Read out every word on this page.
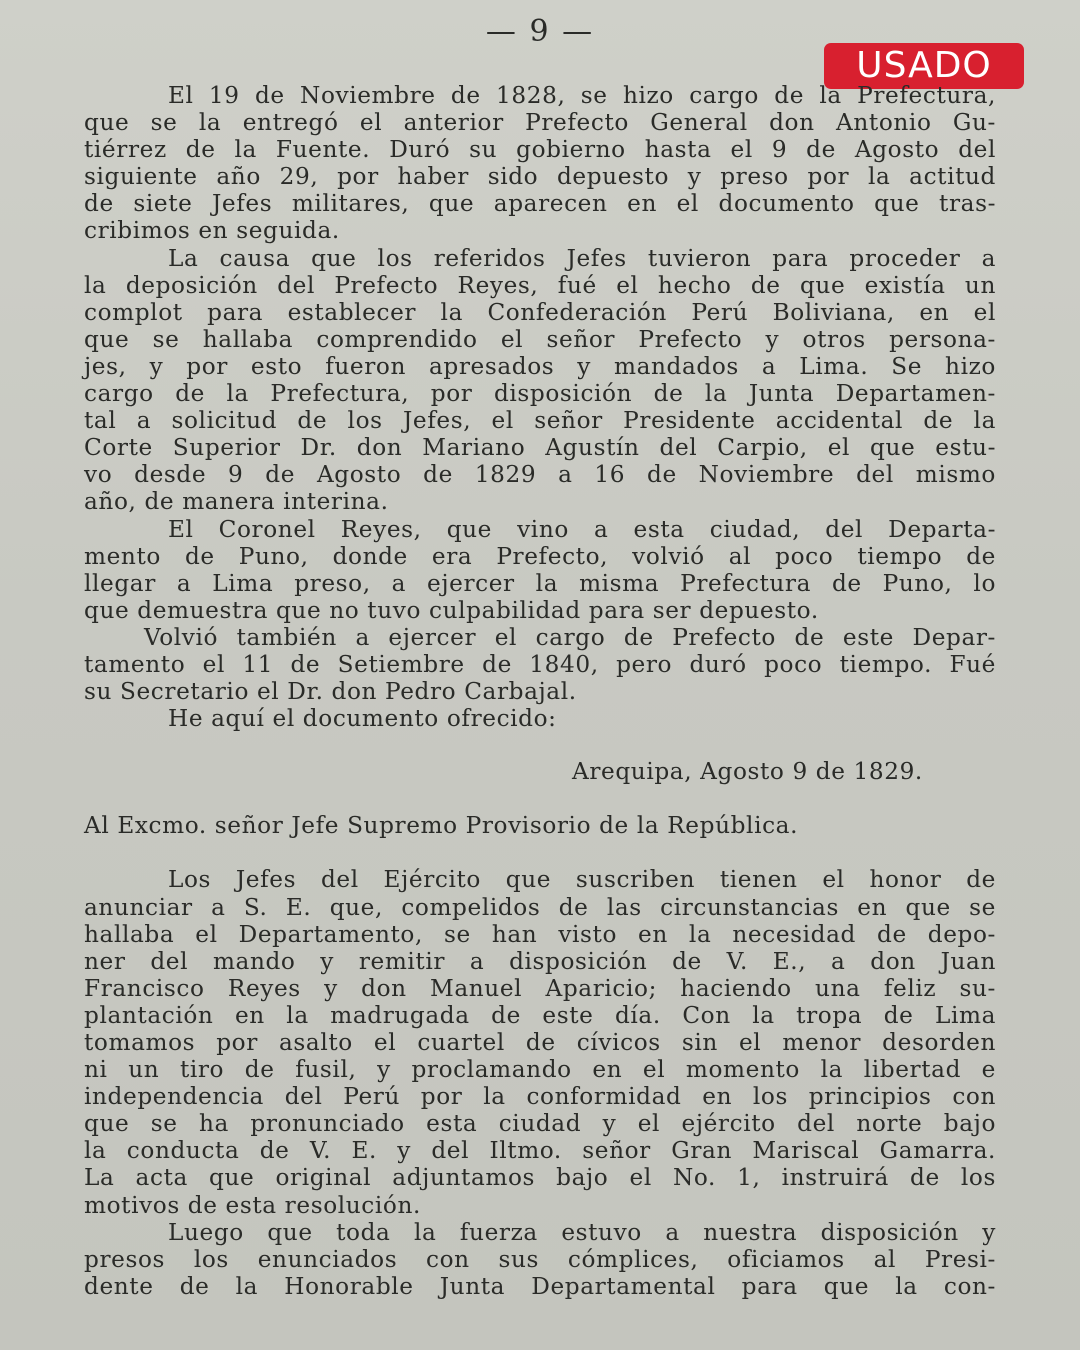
— 9 —
USADO
El 19 de Noviembre de 1828, se hizo cargo de la Prefectura,
que se la entregó el anterior Prefecto General don Antonio Gu-
tiérrez de la Fuente. Duró su gobierno hasta el 9 de Agosto del
siguiente año 29, por haber sido depuesto y preso por la actitud
de siete Jefes militares, que aparecen en el documento que tras-
cribimos en seguida.
La causa que los referidos Jefes tuvieron para proceder a
la deposición del Prefecto Reyes, fué el hecho de que existía un
complot para establecer la Confederación Perú Boliviana, en el
que se hallaba comprendido el señor Prefecto y otros persona-
jes, y por esto fueron apresados y mandados a Lima. Se hizo
cargo de la Prefectura, por disposición de la Junta Departamen-
tal a solicitud de los Jefes, el señor Presidente accidental de la
Corte Superior Dr. don Mariano Agustín del Carpio, el que estu-
vo desde 9 de Agosto de 1829 a 16 de Noviembre del mismo
año, de manera interina.
El Coronel Reyes, que vino a esta ciudad, del Departa-
mento de Puno, donde era Prefecto, volvió al poco tiempo de
llegar a Lima preso, a ejercer la misma Prefectura de Puno, lo
que demuestra que no tuvo culpabilidad para ser depuesto.
Volvió también a ejercer el cargo de Prefecto de este Depar-
tamento el 11 de Setiembre de 1840, pero duró poco tiempo. Fué
su Secretario el Dr. don Pedro Carbajal.
He aquí el documento ofrecido:
Arequipa, Agosto 9 de 1829.
Al Excmo. señor Jefe Supremo Provisorio de la República.
Los Jefes del Ejército que suscriben tienen el honor de
anunciar a S. E. que, compelidos de las circunstancias en que se
hallaba el Departamento, se han visto en la necesidad de depo-
ner del mando y remitir a disposición de V. E., a don Juan
Francisco Reyes y don Manuel Aparicio; haciendo una feliz su-
plantación en la madrugada de este día. Con la tropa de Lima
tomamos por asalto el cuartel de cívicos sin el menor desorden
ni un tiro de fusil, y proclamando en el momento la libertad e
independencia del Perú por la conformidad en los principios con
que se ha pronunciado esta ciudad y el ejército del norte bajo
la conducta de V. E. y del Iltmo. señor Gran Mariscal Gamarra.
La acta que original adjuntamos bajo el No. 1, instruirá de los
motivos de esta resolución.
Luego que toda la fuerza estuvo a nuestra disposición y
presos los enunciados con sus cómplices, oficiamos al Presi-
dente de la Honorable Junta Departamental para que la con-
